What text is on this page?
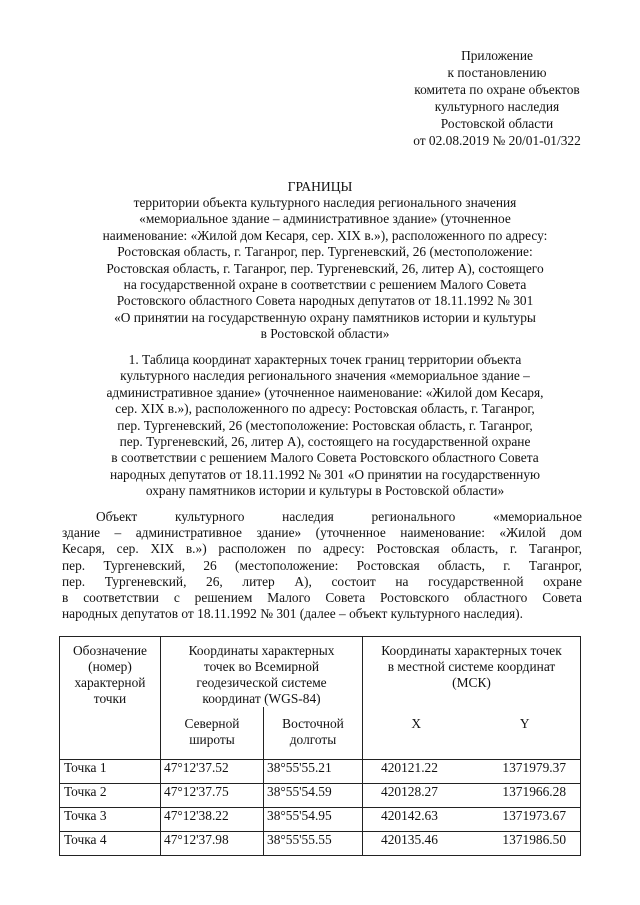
Приложение
к постановлению
комитета по охране объектов
культурного наследия
Ростовской области
от 02.08.2019 № 20/01-01/322
ГРАНИЦЫ
территории объекта культурного наследия регионального значения
«мемориальное здание – административное здание» (уточненное
наименование: «Жилой дом Кесаря, сер. XIX в.»), расположенного по адресу:
Ростовская область, г. Таганрог, пер. Тургеневский, 26 (местоположение:
Ростовская область, г. Таганрог, пер. Тургеневский, 26, литер А), состоящего
на государственной охране в соответствии с решением Малого Совета
Ростовского областного Совета народных депутатов от 18.11.1992 № 301
«О принятии на государственную охрану памятников истории и культуры
в Ростовской области»
1. Таблица координат характерных точек границ территории объекта
культурного наследия регионального значения «мемориальное здание –
административное здание» (уточненное наименование: «Жилой дом Кесаря,
сер. XIX в.»), расположенного по адресу: Ростовская область, г. Таганрог,
пер. Тургеневский, 26 (местоположение: Ростовская область, г. Таганрог,
пер. Тургеневский, 26, литер А), состоящего на государственной охране
в соответствии с решением Малого Совета Ростовского областного Совета
народных депутатов от 18.11.1992 № 301 «О принятии на государственную
охрану памятников истории и культуры в Ростовской области»
Объект культурного наследия регионального «мемориальное
здание – административное здание» (уточненное наименование: «Жилой дом
Кесаря, сер. XIX в.») расположен по адресу: Ростовская область, г. Таганрог,
пер. Тургеневский, 26 (местоположение: Ростовская область, г. Таганрог,
пер. Тургеневский, 26, литер А), состоит на государственной охране
в соответствии с решением Малого Совета Ростовского областного Совета
народных депутатов от 18.11.1992 № 301 (далее – объект культурного наследия).
Обозначение (номер) характерной точки	Координаты характерных точек во Всемирной геодезической системе координат (WGS-84)		Координаты характерных точек в местной системе координат (МСК)	
	Северной широты	Восточной долготы	X	Y
Точка 1	47°12'37.52	38°55'55.21	420121.22	1371979.37
Точка 2	47°12'37.75	38°55'54.59	420128.27	1371966.28
Точка 3	47°12'38.22	38°55'54.95	420142.63	1371973.67
Точка 4	47°12'37.98	38°55'55.55	420135.46	1371986.50
